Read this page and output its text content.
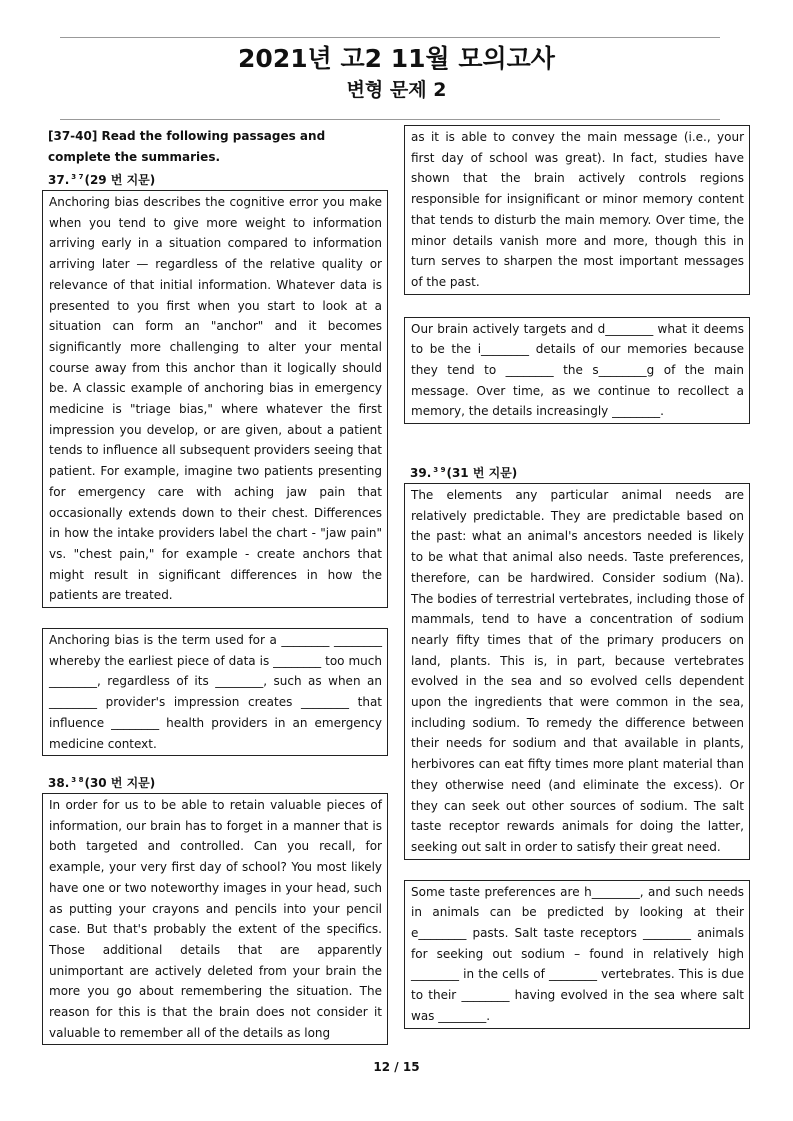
2021년 고2 11월 모의고사
변형 문제 2
[37-40] Read the following passages and complete the summaries.
37. $^{3 7}$(29 번 지문)

Anchoring bias describes the cognitive error you make when you tend to give more weight to information arriving early in a situation compared to information arriving later — regardless of the relative quality or relevance of that initial information. Whatever data is presented to you first when you start to look at a situation can form an "anchor" and it becomes significantly more challenging to alter your mental course away from this anchor than it logically should be. A classic example of anchoring bias in emergency medicine is "triage bias," where whatever the first impression you develop, or are given, about a patient tends to influence all subsequent providers seeing that patient. For example, imagine two patients presenting for emergency care with aching jaw pain that occasionally extends down to their chest. Differences in how the intake providers label the chart - "jaw pain" vs. "chest pain," for example - create anchors that might result in significant differences in how the patients are treated.

Anchoring bias is the term used for a ________ ________ whereby the earliest piece of data is ________ too much ________, regardless of its ________, such as when an ________ provider's impression creates ________ that influence ________ health providers in an emergency medicine context.

38. $^{3 8}$(30 번 지문)

In order for us to be able to retain valuable pieces of information, our brain has to forget in a manner that is both targeted and controlled. Can you recall, for example, your very first day of school? You most likely have one or two noteworthy images in your head, such as putting your crayons and pencils into your pencil case. But that's probably the extent of the specifics. Those additional details that are apparently unimportant are actively deleted from your brain the more you go about remembering the situation. The reason for this is that the brain does not consider it valuable to remember all of the details as long

as it is able to convey the main message (i.e., your first day of school was great). In fact, studies have shown that the brain actively controls regions responsible for insignificant or minor memory content that tends to disturb the main memory. Over time, the minor details vanish more and more, though this in turn serves to sharpen the most important messages of the past.

Our brain actively targets and d________ what it deems to be the i________ details of our memories because they tend to ________ the s________g of the main message. Over time, as we continue to recollect a memory, the details increasingly ________.

39. $^{3 9}$(31 번 지문)

The elements any particular animal needs are relatively predictable. They are predictable based on the past: what an animal's ancestors needed is likely to be what that animal also needs. Taste preferences, therefore, can be hardwired. Consider sodium (Na). The bodies of terrestrial vertebrates, including those of mammals, tend to have a concentration of sodium nearly fifty times that of the primary producers on land, plants. This is, in part, because vertebrates evolved in the sea and so evolved cells dependent upon the ingredients that were common in the sea, including sodium. To remedy the difference between their needs for sodium and that available in plants, herbivores can eat fifty times more plant material than they otherwise need (and eliminate the excess). Or they can seek out other sources of sodium. The salt taste receptor rewards animals for doing the latter, seeking out salt in order to satisfy their great need.

Some taste preferences are h________, and such needs in animals can be predicted by looking at their e________ pasts. Salt taste receptors ________ animals for seeking out sodium – found in relatively high ________ in the cells of ________ vertebrates. This is due to their ________ having evolved in the sea where salt was ________.

12 / 15
